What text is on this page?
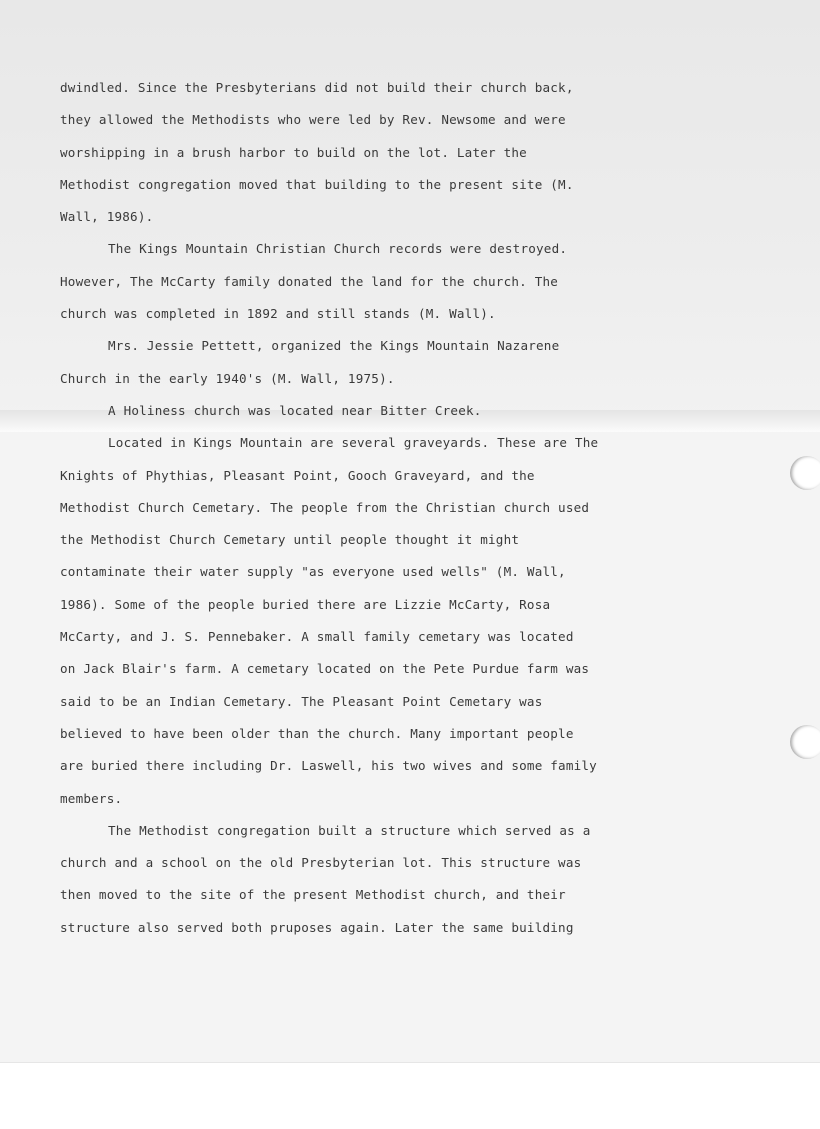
dwindled. Since the Presbyterians did not build their church back,
they allowed the Methodists who were led by Rev. Newsome and were
worshipping in a brush harbor to build on the lot. Later the
Methodist congregation moved that building to the present site (M.
Wall, 1986).

The Kings Mountain Christian Church records were destroyed.
However, The McCarty family donated the land for the church. The
church was completed in 1892 and still stands (M. Wall).

Mrs. Jessie Pettett, organized the Kings Mountain Nazarene
Church in the early 1940's (M. Wall, 1975).

A Holiness church was located near Bitter Creek.

Located in Kings Mountain are several graveyards. These are The
Knights of Phythias, Pleasant Point, Gooch Graveyard, and the
Methodist Church Cemetary. The people from the Christian church used
the Methodist Church Cemetary until people thought it might
contaminate their water supply "as everyone used wells" (M. Wall,
1986). Some of the people buried there are Lizzie McCarty, Rosa
McCarty, and J. S. Pennebaker. A small family cemetary was located
on Jack Blair's farm. A cemetary located on the Pete Purdue farm was
said to be an Indian Cemetary. The Pleasant Point Cemetary was
believed to have been older than the church. Many important people
are buried there including Dr. Laswell, his two wives and some family
members.

The Methodist congregation built a structure which served as a
church and a school on the old Presbyterian lot. This structure was
then moved to the site of the present Methodist church, and their
structure also served both pruposes again. Later the same building
